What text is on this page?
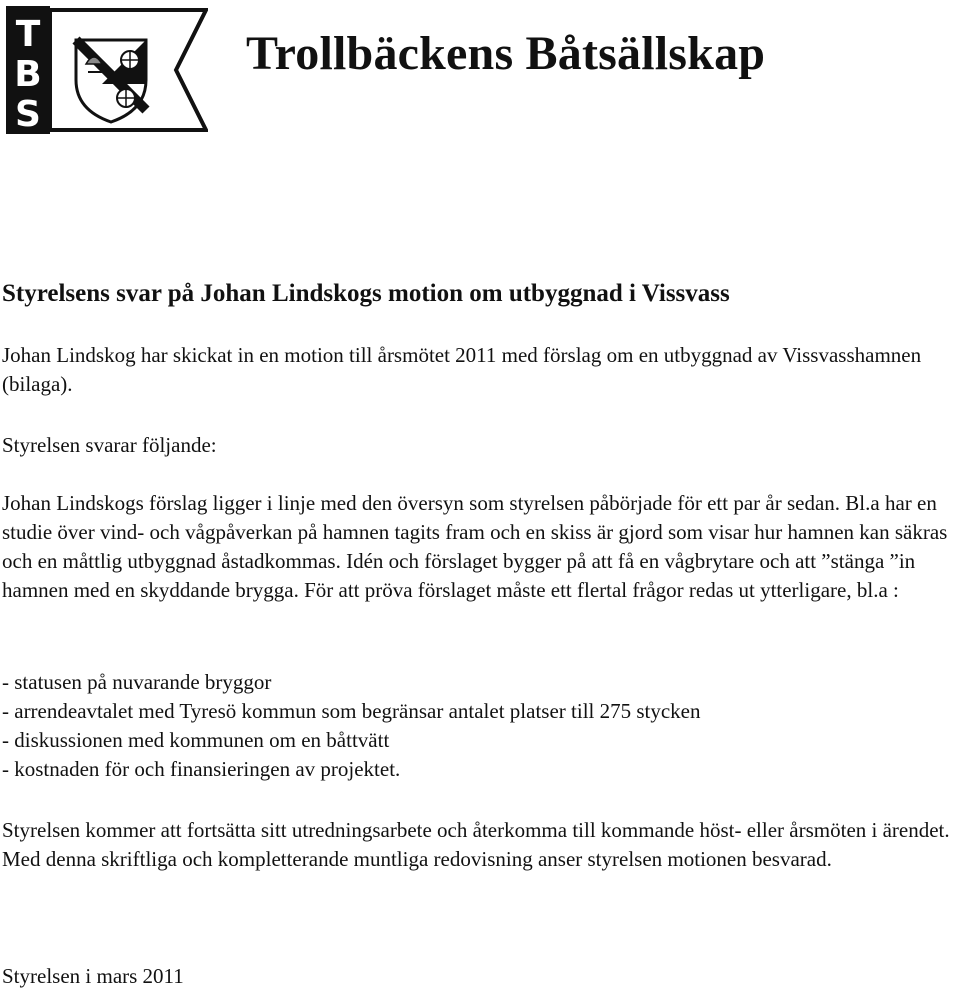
T
B
S
Trollbäckens Båtsällskap
Styrelsens svar på Johan Lindskogs motion om utbyggnad i Vissvass

Johan Lindskog har skickat in en motion till årsmötet 2011 med förslag om en utbyggnad av Vissvasshamnen (bilaga).

Styrelsen svarar följande:

Johan Lindskogs förslag ligger i linje med den översyn som styrelsen påbörjade för ett par år sedan. Bl.a har en studie över vind- och vågpåverkan på hamnen tagits fram och en skiss är gjord som visar hur hamnen kan säkras och en måttlig utbyggnad åstadkommas. Idén och förslaget bygger på att få en vågbrytare och att ”stänga ”in hamnen med en skyddande brygga. För att pröva förslaget måste ett flertal frågor redas ut ytterligare, bl.a :

- statusen på nuvarande bryggor
- arrendeavtalet med Tyresö kommun som begränsar antalet platser till 275 stycken
- diskussionen med kommunen om en båttvätt
- kostnaden för och finansieringen av projektet.

Styrelsen kommer att fortsätta sitt utredningsarbete och återkomma till kommande höst- eller årsmöten i ärendet. Med denna skriftliga och kompletterande muntliga redovisning anser styrelsen motionen besvarad.

Styrelsen i mars 2011
